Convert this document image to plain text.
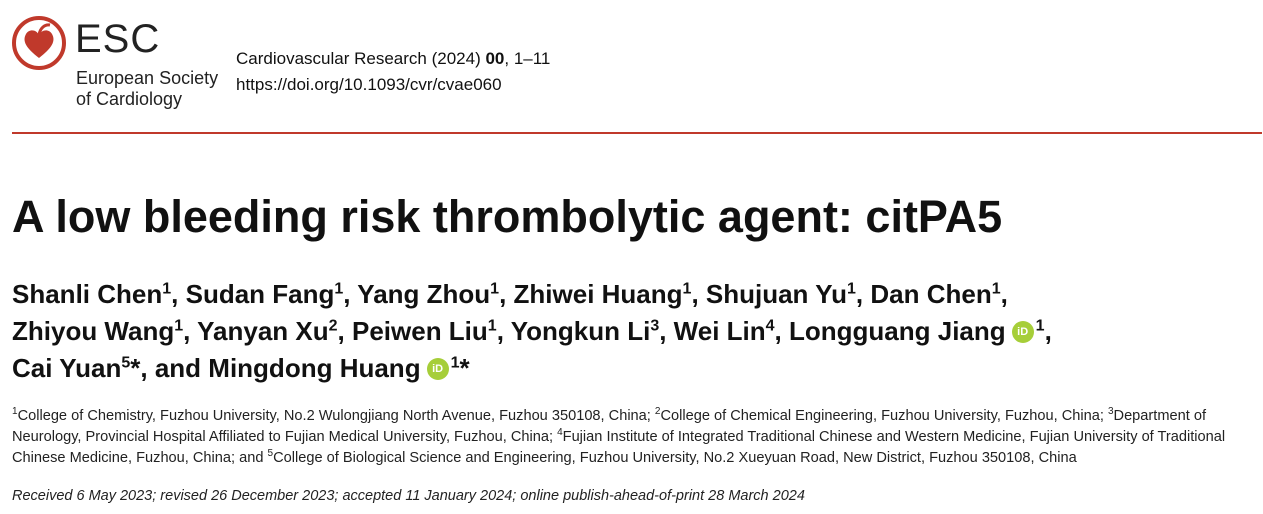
ESC
European Society
of Cardiology
Cardiovascular Research (2024) 00, 1–11
https://doi.org/10.1093/cvr/cvae060
A low bleeding risk thrombolytic agent: citPA5
Shanli Chen$^1$, Sudan Fang$^1$, Yang Zhou$^1$, Zhiwei Huang$^1$, Shujuan Yu$^1$, Dan Chen$^1$,
Zhiyou Wang$^1$, Yanyan Xu$^2$, Peiwen Liu$^1$, Yongkun Li$^3$, Wei Lin$^4$, Longguang Jiang iD $^1$,
Cai Yuan$^5$*, and Mingdong Huang iD $^1$*
$^1$College of Chemistry, Fuzhou University, No.2 Wulongjiang North Avenue, Fuzhou 350108, China; $^2$College of Chemical Engineering, Fuzhou University, Fuzhou, China; $^3$Department of
Neurology, Provincial Hospital Affiliated to Fujian Medical University, Fuzhou, China; $^4$Fujian Institute of Integrated Traditional Chinese and Western Medicine, Fujian University of Traditional
Chinese Medicine, Fuzhou, China; and $^5$College of Biological Science and Engineering, Fuzhou University, No.2 Xueyuan Road, New District, Fuzhou 350108, China
Received 6 May 2023; revised 26 December 2023; accepted 11 January 2024; online publish-ahead-of-print 28 March 2024
